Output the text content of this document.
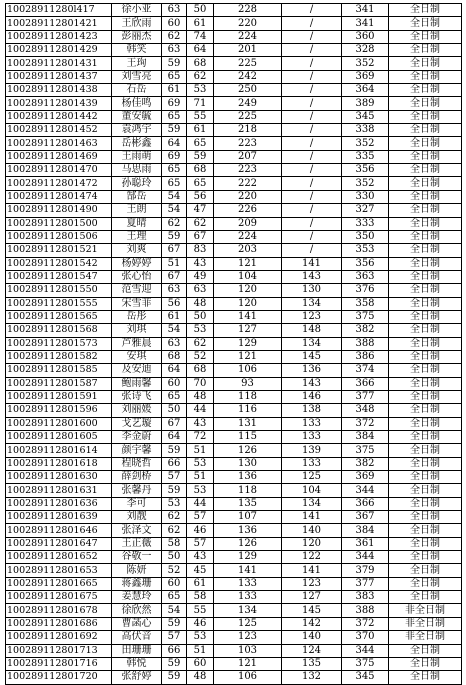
10028911280l417	徐小亚	63	50	228	/	341	全日制
100289112801421	王欣雨	60	61	220	/	341	全日制
100289112801423	彭丽杰	62	74	224	/	360	全日制
100289112801429	韩笑	63	64	201	/	328	全日制
100289112801431	王珣	59	68	225	/	352	全日制
100289112801437	刘雪亮	65	62	242	/	369	全日制
100289112801438	石岳	61	53	250	/	364	全日制
100289112801439	杨佳鸣	69	71	249	/	389	全日制
100289112801442	董安毓	65	55	225	/	345	全日制
100289112801452	袁鸿宇	59	61	218	/	338	全日制
100289112801463	岳彬鑫	64	65	223	/	352	全日制
100289112801469	王雨萌	69	59	207	/	335	全日制
100289112801470	马思雨	65	68	223	/	356	全日制
100289112801472	孙聪玲	65	65	222	/	352	全日制
100289112801474	郜岳	54	56	220	/	330	全日制
100289112801490	王朗	54	47	226	/	327	全日制
100289112801500	夏晴	62	62	209	/	333	全日制
100289112801506	王理	59	67	224	/	350	全日制
100289112801521	刘爽	67	83	203	/	353	全日制
100289112801542	杨婷婷	51	43	121	141	356	全日制
100289112801547	张心怡	67	49	104	143	363	全日制
100289112801550	范雪迎	63	63	120	130	376	全日制
100289112801555	宋雪菲	56	48	120	134	358	全日制
100289112801565	岳彤	61	50	141	123	375	全日制
100289112801568	刘琪	54	53	127	148	382	全日制
100289112801573	芦雅晨	63	62	129	134	388	全日制
100289112801582	安琪	68	52	121	145	386	全日制
100289112801585	及安迪	64	68	106	136	374	全日制
100289112801587	鲍雨馨	60	70	93	143	366	全日制
100289112801591	张诗飞	65	48	118	146	377	全日制
100289112801596	刘丽媛	50	44	116	138	348	全日制
100289112801600	戈艺璇	67	43	131	133	372	全日制
100289112801605	李金蔚	64	72	115	133	384	全日制
100289112801614	颜宇馨	59	51	126	139	375	全日制
100289112801618	程晓哲	66	53	130	133	382	全日制
100289112801630	薛剑桥	57	51	136	125	369	全日制
100289112801631	张馨丹	59	53	118	104	344	全日制
100289112801636	李可	53	44	135	134	366	全日制
100289112801639	刘靓	62	57	107	141	367	全日制
100289112801646	张泽文	62	46	136	140	384	全日制
100289112801647	王正薇	58	57	126	120	361	全日制
100289112801652	谷敬一	50	43	129	122	344	全日制
100289112801653	陈妍	52	45	141	141	379	全日制
100289112801665	蒋鑫珊	60	61	133	123	377	全日制
100289112801675	姜慧玲	65	58	133	127	383	全日制
100289112801678	徐欣然	54	55	134	145	388	非全日制
100289112801686	曹菡心	59	46	125	142	372	非全日制
100289112801692	高伏音	57	53	123	140	370	非全日制
100289112801713	田珊珊	66	51	103	124	344	全日制
100289112801716	韩悦	59	60	121	135	375	全日制
100289112801720	张舒婷	59	48	106	132	345	全日制
